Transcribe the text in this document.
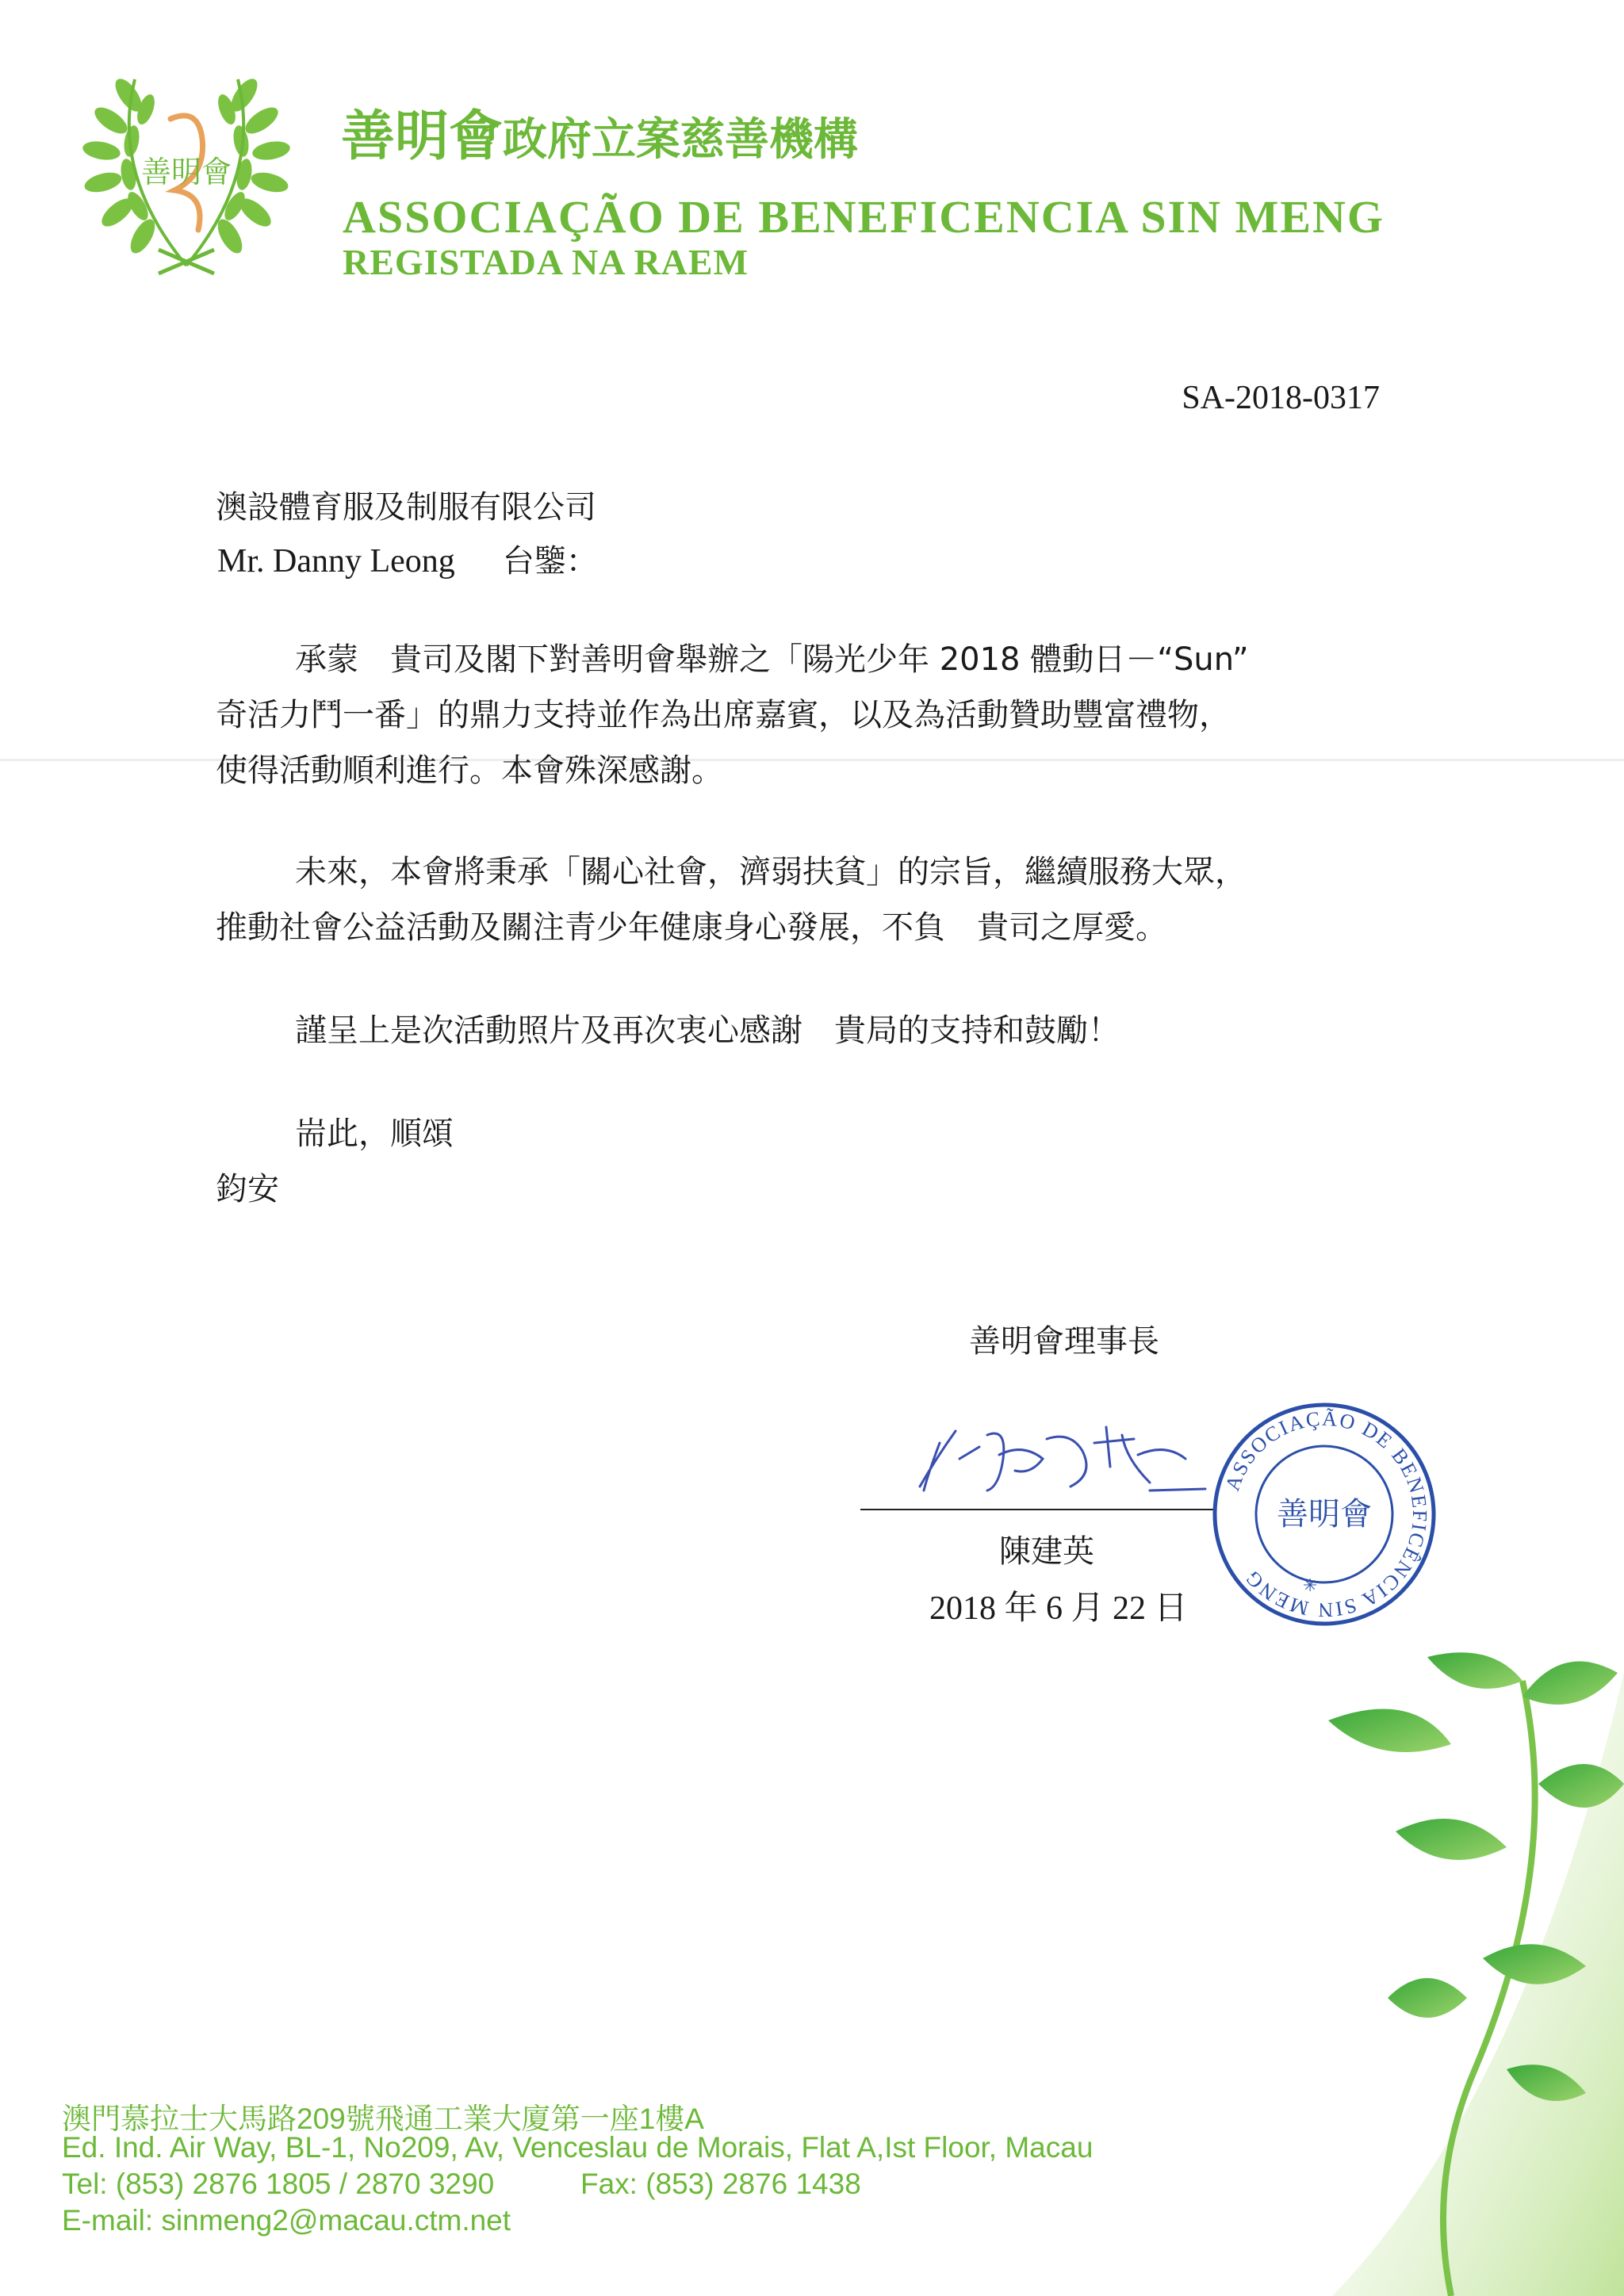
善明會
善明會政府立案慈善機構
ASSOCIAÇÃO DE BENEFICENCIA SIN MENG
REGISTADA NA RAEM
SA-2018-0317
澳設體育服及制服有限公司
Mr. Danny Leong 台鑒：
承蒙　貴司及閣下對善明會舉辦之「陽光少年 2018 體動日－“Sun”
奇活力鬥一番」的鼎力支持並作為出席嘉賓，以及為活動贊助豐富禮物，
使得活動順利進行。本會殊深感謝。
未來，本會將秉承「關心社會，濟弱扶貧」的宗旨，繼續服務大眾，
推動社會公益活動及關注青少年健康身心發展，不負　貴司之厚愛。
謹呈上是次活動照片及再次衷心感謝　貴局的支持和鼓勵！
耑此，順頌
鈞安
善明會理事長
陳建英
2018 年 6 月 22 日
ASSOCIAÇÃO DE BENEFICÊNCIA SIN MENG
善明會
✳
澳門慕拉士大馬路209號飛通工業大廈第一座1樓A
Ed. Ind. Air Way, BL-1, No209, Av, Venceslau de Morais, Flat A,Ist Floor, Macau
Tel: (853) 2876 1805 / 2870 3290	Fax: (853) 2876 1438
E-mail: sinmeng2@macau.ctm.net
